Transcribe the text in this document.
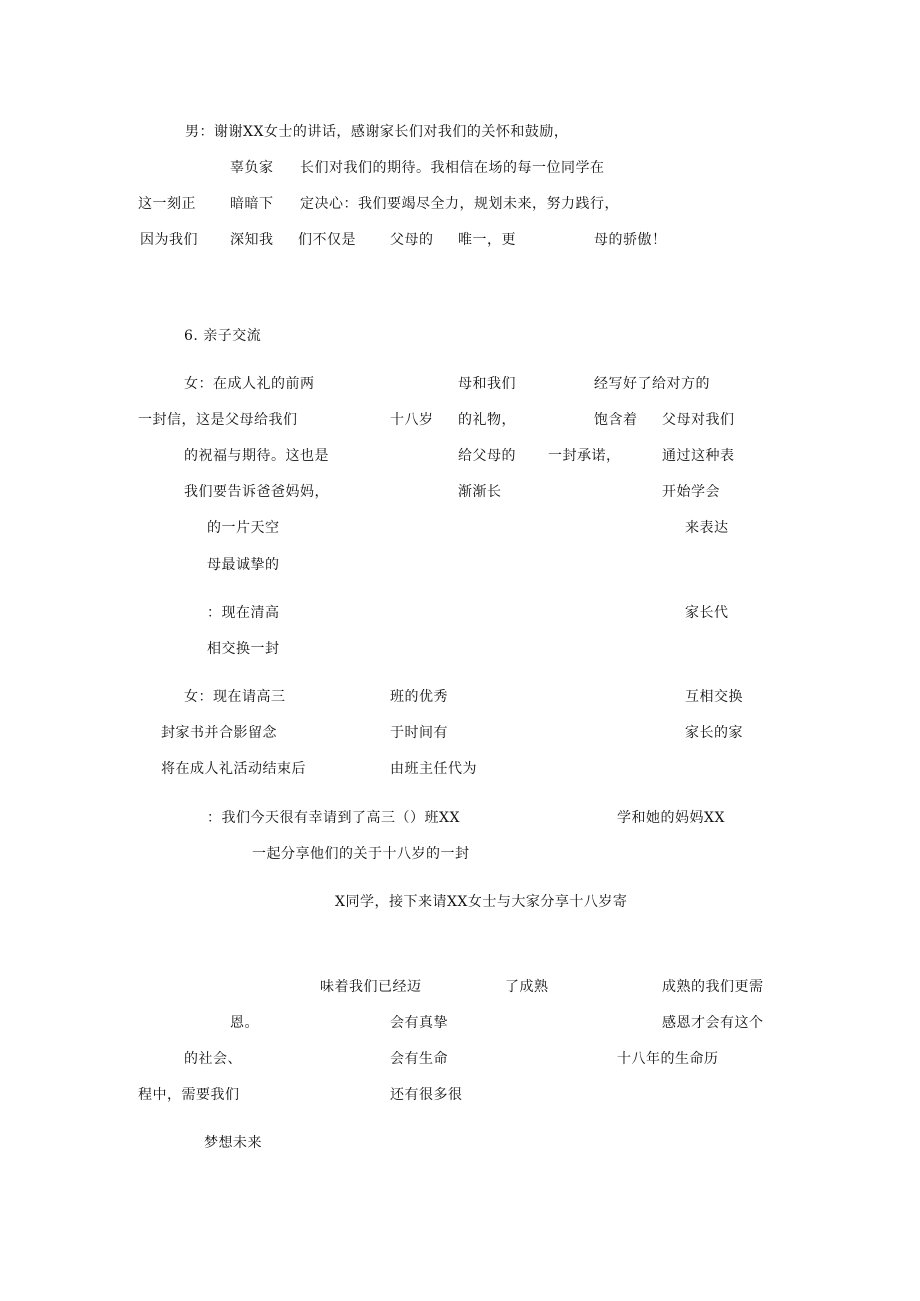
男：谢谢XX女士的讲话，感谢家长们对我们的关怀和鼓励，
辜负家 长们对我们的期待。我相信在场的每一位同学在
这一刻正 暗暗下 定决心：我们要竭尽全力，规划未来，努力践行，
因为我们 深知我 们不仅是 父母的 唯一，更	母的骄傲！
6. 亲子交流
女：在成人礼的前两	母和我们	经写好了给对方的
一封信，这是父母给我们	十八岁 的礼物，	饱含着 父母对我们
的祝福与期待。这也是	给父母的 一封承诺，	通过这种表
我们要告诉爸爸妈妈，	渐渐长	开始学会
的一片天空	来表达
母最诚挚的
：现在清高	家长代
相交换一封
女：现在请高三	班的优秀	互相交换
封家书并合影留念	于时间有	家长的家
将在成人礼活动结束后	由班主任代为
：我们今天很有幸请到了高三（）班XX	学和她的妈妈XX
一起分享他们的关于十八岁的一封
X同学，接下来请XX女士与大家分享十八岁寄
味着我们已经迈	了成熟	成熟的我们更需
恩。	会有真挚	感恩才会有这个
的社会、	会有生命	十八年的生命历
程中，需要我们	还有很多很
梦想未来
